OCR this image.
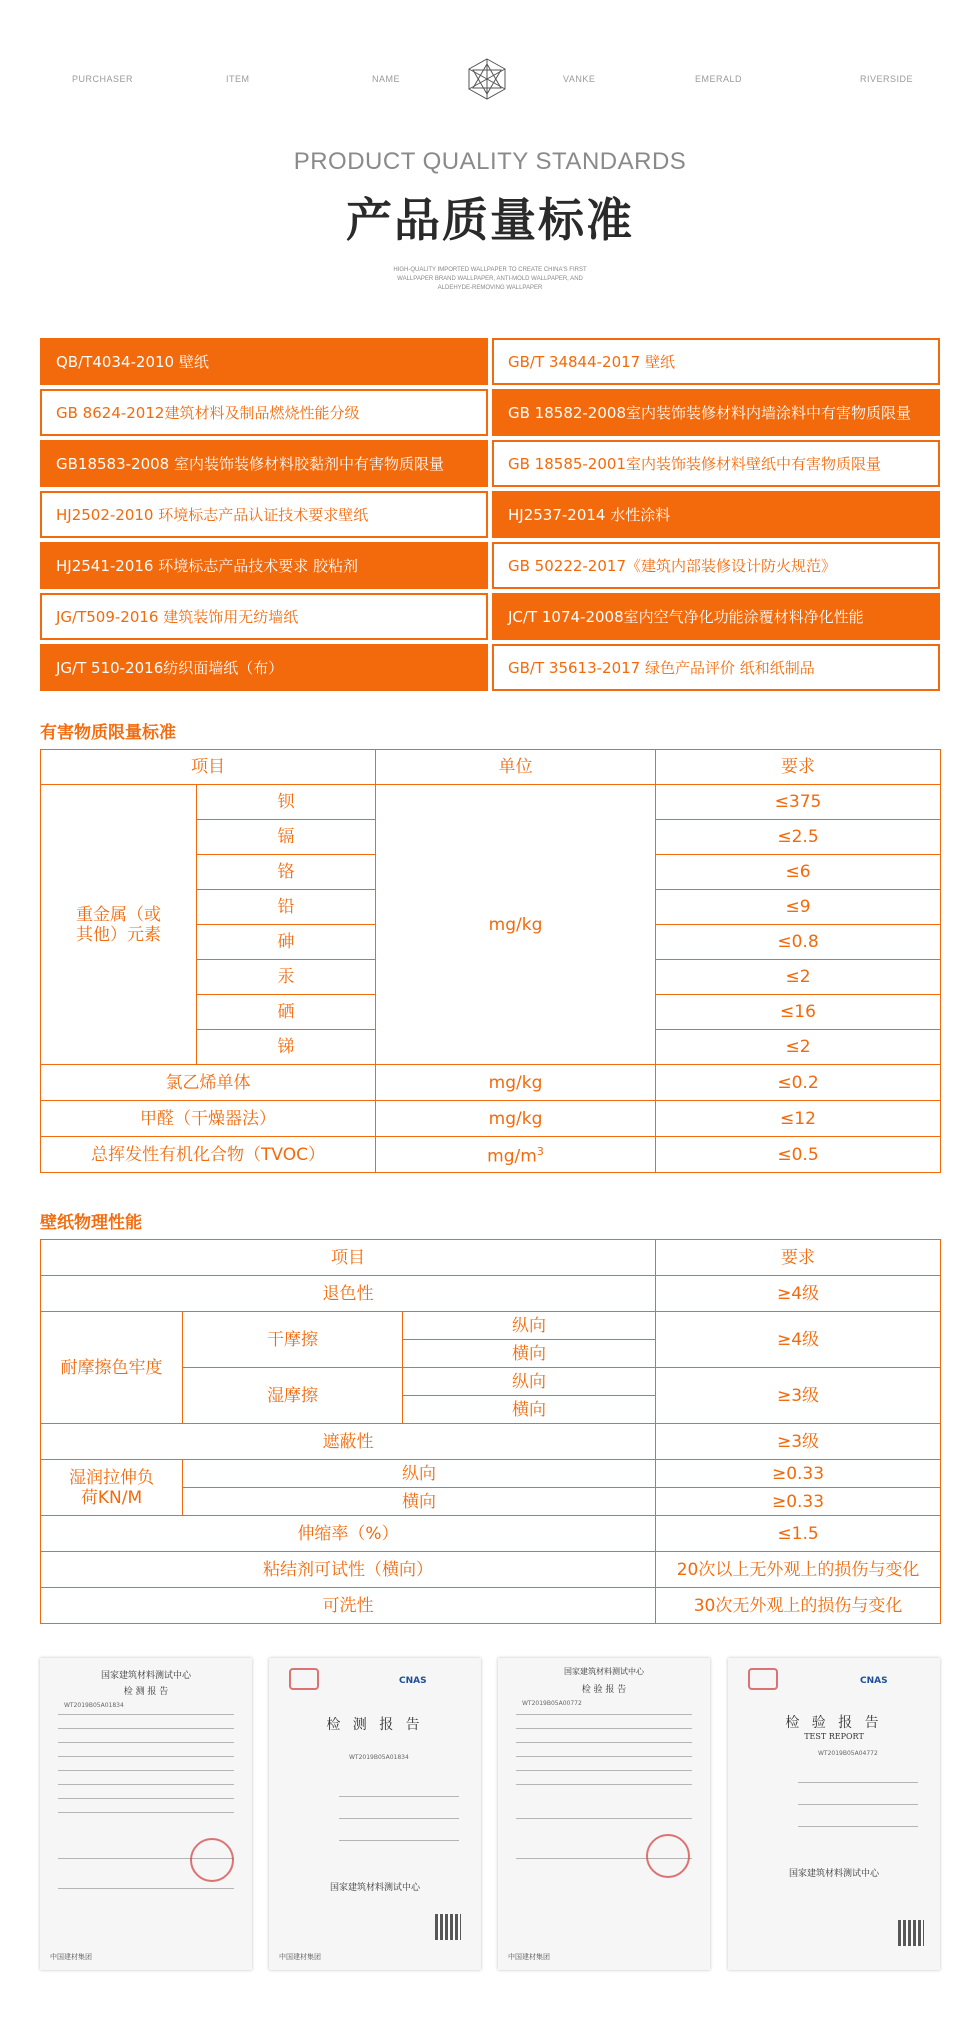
PURCHASER	ITEM	NAME	VANKE	EMERALD	RIVERSIDE
PRODUCT QUALITY STANDARDS
产品质量标准
HIGH-QUALITY IMPORTED WALLPAPER TO CREATE CHINA'S FIRST WALLPAPER BRAND WALLPAPER, ANTI-MOLD WALLPAPER, AND ALDEHYDE-REMOVING WALLPAPER
QB/T4034-2010 壁纸	GB/T 34844-2017 壁纸
GB 8624-2012建筑材料及制品燃烧性能分级	GB 18582-2008室内装饰装修材料内墙涂料中有害物质限量
GB18583-2008 室内装饰装修材料胶黏剂中有害物质限量	GB 18585-2001室内装饰装修材料壁纸中有害物质限量
HJ2502-2010 环境标志产品认证技术要求壁纸	HJ2537-2014 水性涂料
HJ2541-2016 环境标志产品技术要求 胶粘剂	GB 50222-2017《建筑内部装修设计防火规范》
JG/T509-2016 建筑装饰用无纺墙纸	JC/T 1074-2008室内空气净化功能涂覆材料净化性能
JG/T 510-2016纺织面墙纸（布）	GB/T 35613-2017 绿色产品评价 纸和纸制品
有害物质限量标准
项目		单位	要求
重金属（或其他）元素	钡	mg/kg	≤375
	镉		≤2.5
	铬		≤6
	铅		≤9
	砷		≤0.8
	汞		≤2
	硒		≤16
	锑		≤2
氯乙烯单体		mg/kg	≤0.2
甲醛（干燥器法）		mg/kg	≤12
总挥发性有机化合物（TVOC）		$mg/m^3$	≤0.5
壁纸物理性能
项目			要求
退色性			≥4级
耐摩擦色牢度	干摩擦	纵向	≥4级
		横向	
	湿摩擦	纵向	≥3级
		横向	
遮蔽性			≥3级
湿润拉伸负荷KN/M	纵向		≥0.33
	横向		≥0.33
伸缩率（%）			≤1.5
粘结剂可试性（横向）			20次以上无外观上的损伤与变化
可洗性			30次无外观上的损伤与变化
国家建筑材料测试中心
检 测 报 告
WT2019B05A01834
中国建材集团
CNAS
检 测 报 告
WT2019B05A01834
国家建筑材料测试中心
中国建材集团
国家建筑材料测试中心
检 验 报 告
WT2019B05A00772
中国建材集团
CNAS
检 验 报 告
TEST REPORT
WT2019B05A04772
国家建筑材料测试中心
